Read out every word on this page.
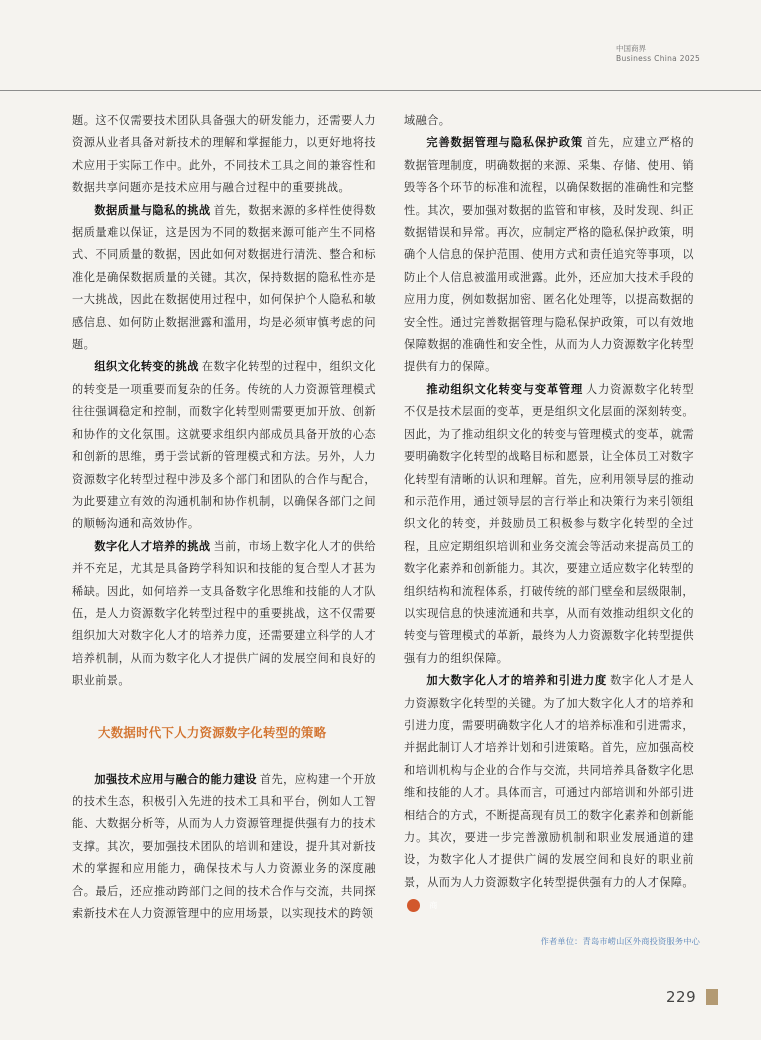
中国商界
Business China 2025

题。这不仅需要技术团队具备强大的研发能力，还需要人力资源从业者具备对新技术的理解和掌握能力，以更好地将技术应用于实际工作中。此外，不同技术工具之间的兼容性和数据共享问题亦是技术应用与融合过程中的重要挑战。

数据质量与隐私的挑战 首先，数据来源的多样性使得数据质量难以保证，这是因为不同的数据来源可能产生不同格式、不同质量的数据，因此如何对数据进行清洗、整合和标准化是确保数据质量的关键。其次，保持数据的隐私性亦是一大挑战，因此在数据使用过程中，如何保护个人隐私和敏感信息、如何防止数据泄露和滥用，均是必须审慎考虑的问题。

组织文化转变的挑战 在数字化转型的过程中，组织文化的转变是一项重要而复杂的任务。传统的人力资源管理模式往往强调稳定和控制，而数字化转型则需要更加开放、创新和协作的文化氛围。这就要求组织内部成员具备开放的心态和创新的思维，勇于尝试新的管理模式和方法。另外，人力资源数字化转型过程中涉及多个部门和团队的合作与配合，为此要建立有效的沟通机制和协作机制，以确保各部门之间的顺畅沟通和高效协作。

数字化人才培养的挑战 当前，市场上数字化人才的供给并不充足，尤其是具备跨学科知识和技能的复合型人才甚为稀缺。因此，如何培养一支具备数字化思维和技能的人才队伍，是人力资源数字化转型过程中的重要挑战，这不仅需要组织加大对数字化人才的培养力度，还需要建立科学的人才培养机制，从而为数字化人才提供广阔的发展空间和良好的职业前景。

大数据时代下人力资源数字化转型的策略

加强技术应用与融合的能力建设 首先，应构建一个开放的技术生态，积极引入先进的技术工具和平台，例如人工智能、大数据分析等，从而为人力资源管理提供强有力的技术支撑。其次，要加强技术团队的培训和建设，提升其对新技术的掌握和应用能力，确保技术与人力资源业务的深度融合。最后，还应推动跨部门之间的技术合作与交流，共同探索新技术在人力资源管理中的应用场景，以实现技术的跨领

域融合。

完善数据管理与隐私保护政策 首先，应建立严格的数据管理制度，明确数据的来源、采集、存储、使用、销毁等各个环节的标准和流程，以确保数据的准确性和完整性。其次，要加强对数据的监管和审核，及时发现、纠正数据错误和异常。再次，应制定严格的隐私保护政策，明确个人信息的保护范围、使用方式和责任追究等事项，以防止个人信息被滥用或泄露。此外，还应加大技术手段的应用力度，例如数据加密、匿名化处理等，以提高数据的安全性。通过完善数据管理与隐私保护政策，可以有效地保障数据的准确性和安全性，从而为人力资源数字化转型提供有力的保障。

推动组织文化转变与变革管理 人力资源数字化转型不仅是技术层面的变革，更是组织文化层面的深刻转变。因此，为了推动组织文化的转变与管理模式的变革，就需要明确数字化转型的战略目标和愿景，让全体员工对数字化转型有清晰的认识和理解。首先，应利用领导层的推动和示范作用，通过领导层的言行举止和决策行为来引领组织文化的转变，并鼓励员工积极参与数字化转型的全过程，且应定期组织培训和业务交流会等活动来提高员工的数字化素养和创新能力。其次，要建立适应数字化转型的组织结构和流程体系，打破传统的部门壁垒和层级限制，以实现信息的快速流通和共享，从而有效推动组织文化的转变与管理模式的革新，最终为人力资源数字化转型提供强有力的组织保障。

加大数字化人才的培养和引进力度 数字化人才是人力资源数字化转型的关键。为了加大数字化人才的培养和引进力度，需要明确数字化人才的培养标准和引进需求，并据此制订人才培养计划和引进策略。首先，应加强高校和培训机构与企业的合作与交流，共同培养具备数字化思维和技能的人才。具体而言，可通过内部培训和外部引进相结合的方式，不断提高现有员工的数字化素养和创新能力。其次，要进一步完善激励机制和职业发展通道的建设，为数字化人才提供广阔的发展空间和良好的职业前景，从而为人力资源数字化转型提供强有力的人才保障。商

作者单位：青岛市崂山区外商投资服务中心
229
